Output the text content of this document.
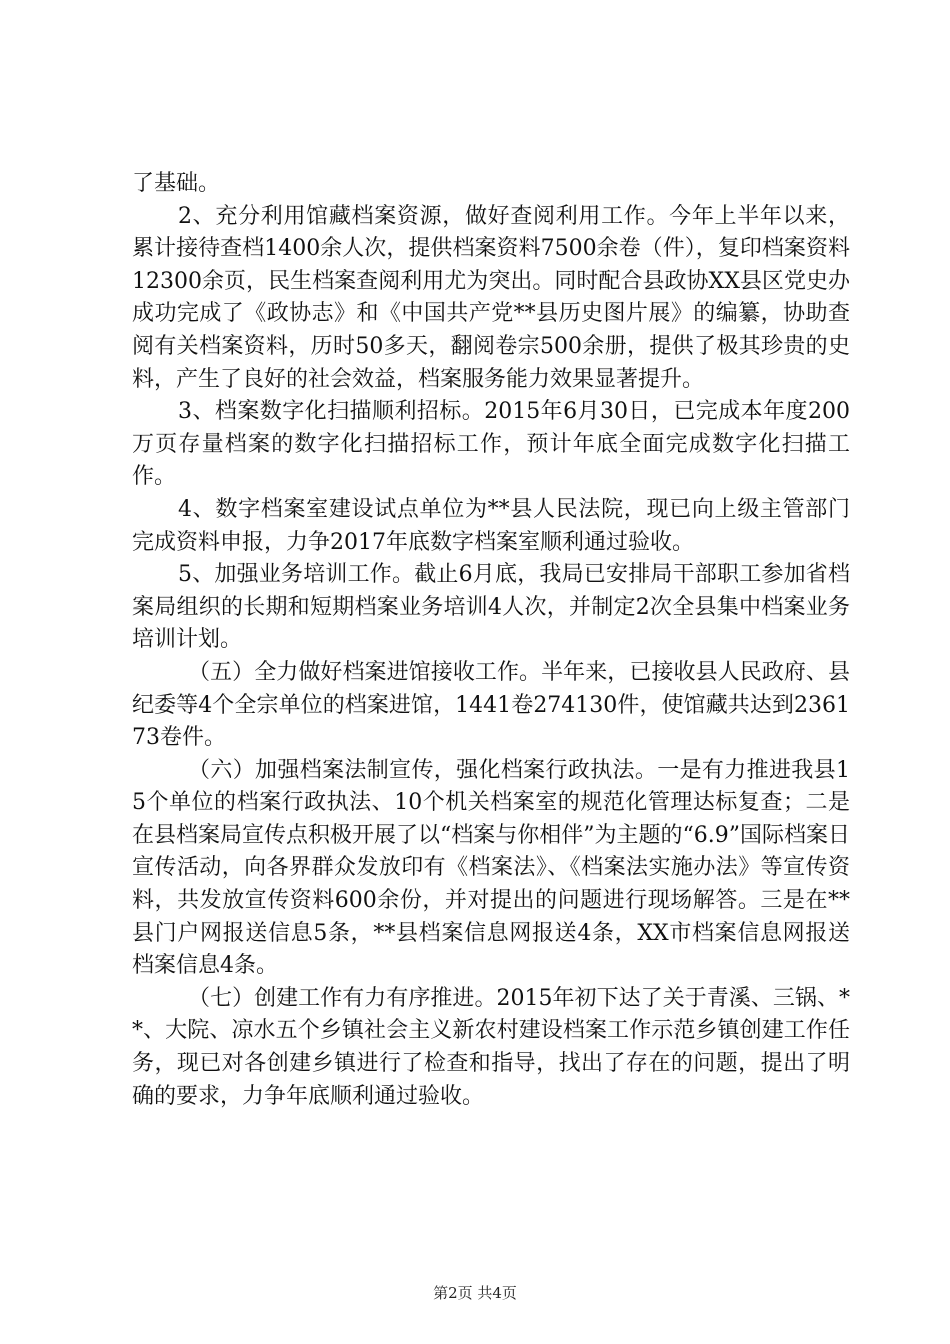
了基础。

2、充分利用馆藏档案资源，做好查阅利用工作。今年上半年以来，累计接待查档1400余人次，提供档案资料7500余卷（件），复印档案资料12300余页，民生档案查阅利用尤为突出。同时配合县政协XX县区党史办成功完成了《政协志》和《中国共产党**县历史图片展》的编纂，协助查阅有关档案资料，历时50多天，翻阅卷宗500余册，提供了极其珍贵的史料，产生了良好的社会效益，档案服务能力效果显著提升。

3、档案数字化扫描顺利招标。2015年6月30日，已完成本年度200万页存量档案的数字化扫描招标工作，预计年底全面完成数字化扫描工作。

4、数字档案室建设试点单位为**县人民法院，现已向上级主管部门完成资料申报，力争2017年底数字档案室顺利通过验收。

5、加强业务培训工作。截止6月底，我局已安排局干部职工参加省档案局组织的长期和短期档案业务培训4人次，并制定2次全县集中档案业务培训计划。

（五）全力做好档案进馆接收工作。半年来，已接收县人民政府、县纪委等4个全宗单位的档案进馆，1441卷274130件，使馆藏共达到236173卷件。

（六）加强档案法制宣传，强化档案行政执法。一是有力推进我县15个单位的档案行政执法、10个机关档案室的规范化管理达标复查；二是在县档案局宣传点积极开展了以“档案与你相伴”为主题的“6.9”国际档案日宣传活动，向各界群众发放印有《档案法》、《档案法实施办法》等宣传资料，共发放宣传资料600余份，并对提出的问题进行现场解答。三是在**县门户网报送信息5条，**县档案信息网报送4条，XX市档案信息网报送档案信息4条。

（七）创建工作有力有序推进。2015年初下达了关于青溪、三锅、**、大院、凉水五个乡镇社会主义新农村建设档案工作示范乡镇创建工作任务，现已对各创建乡镇进行了检查和指导，找出了存在的问题，提出了明确的要求，力争年底顺利通过验收。

第2页 共4页
